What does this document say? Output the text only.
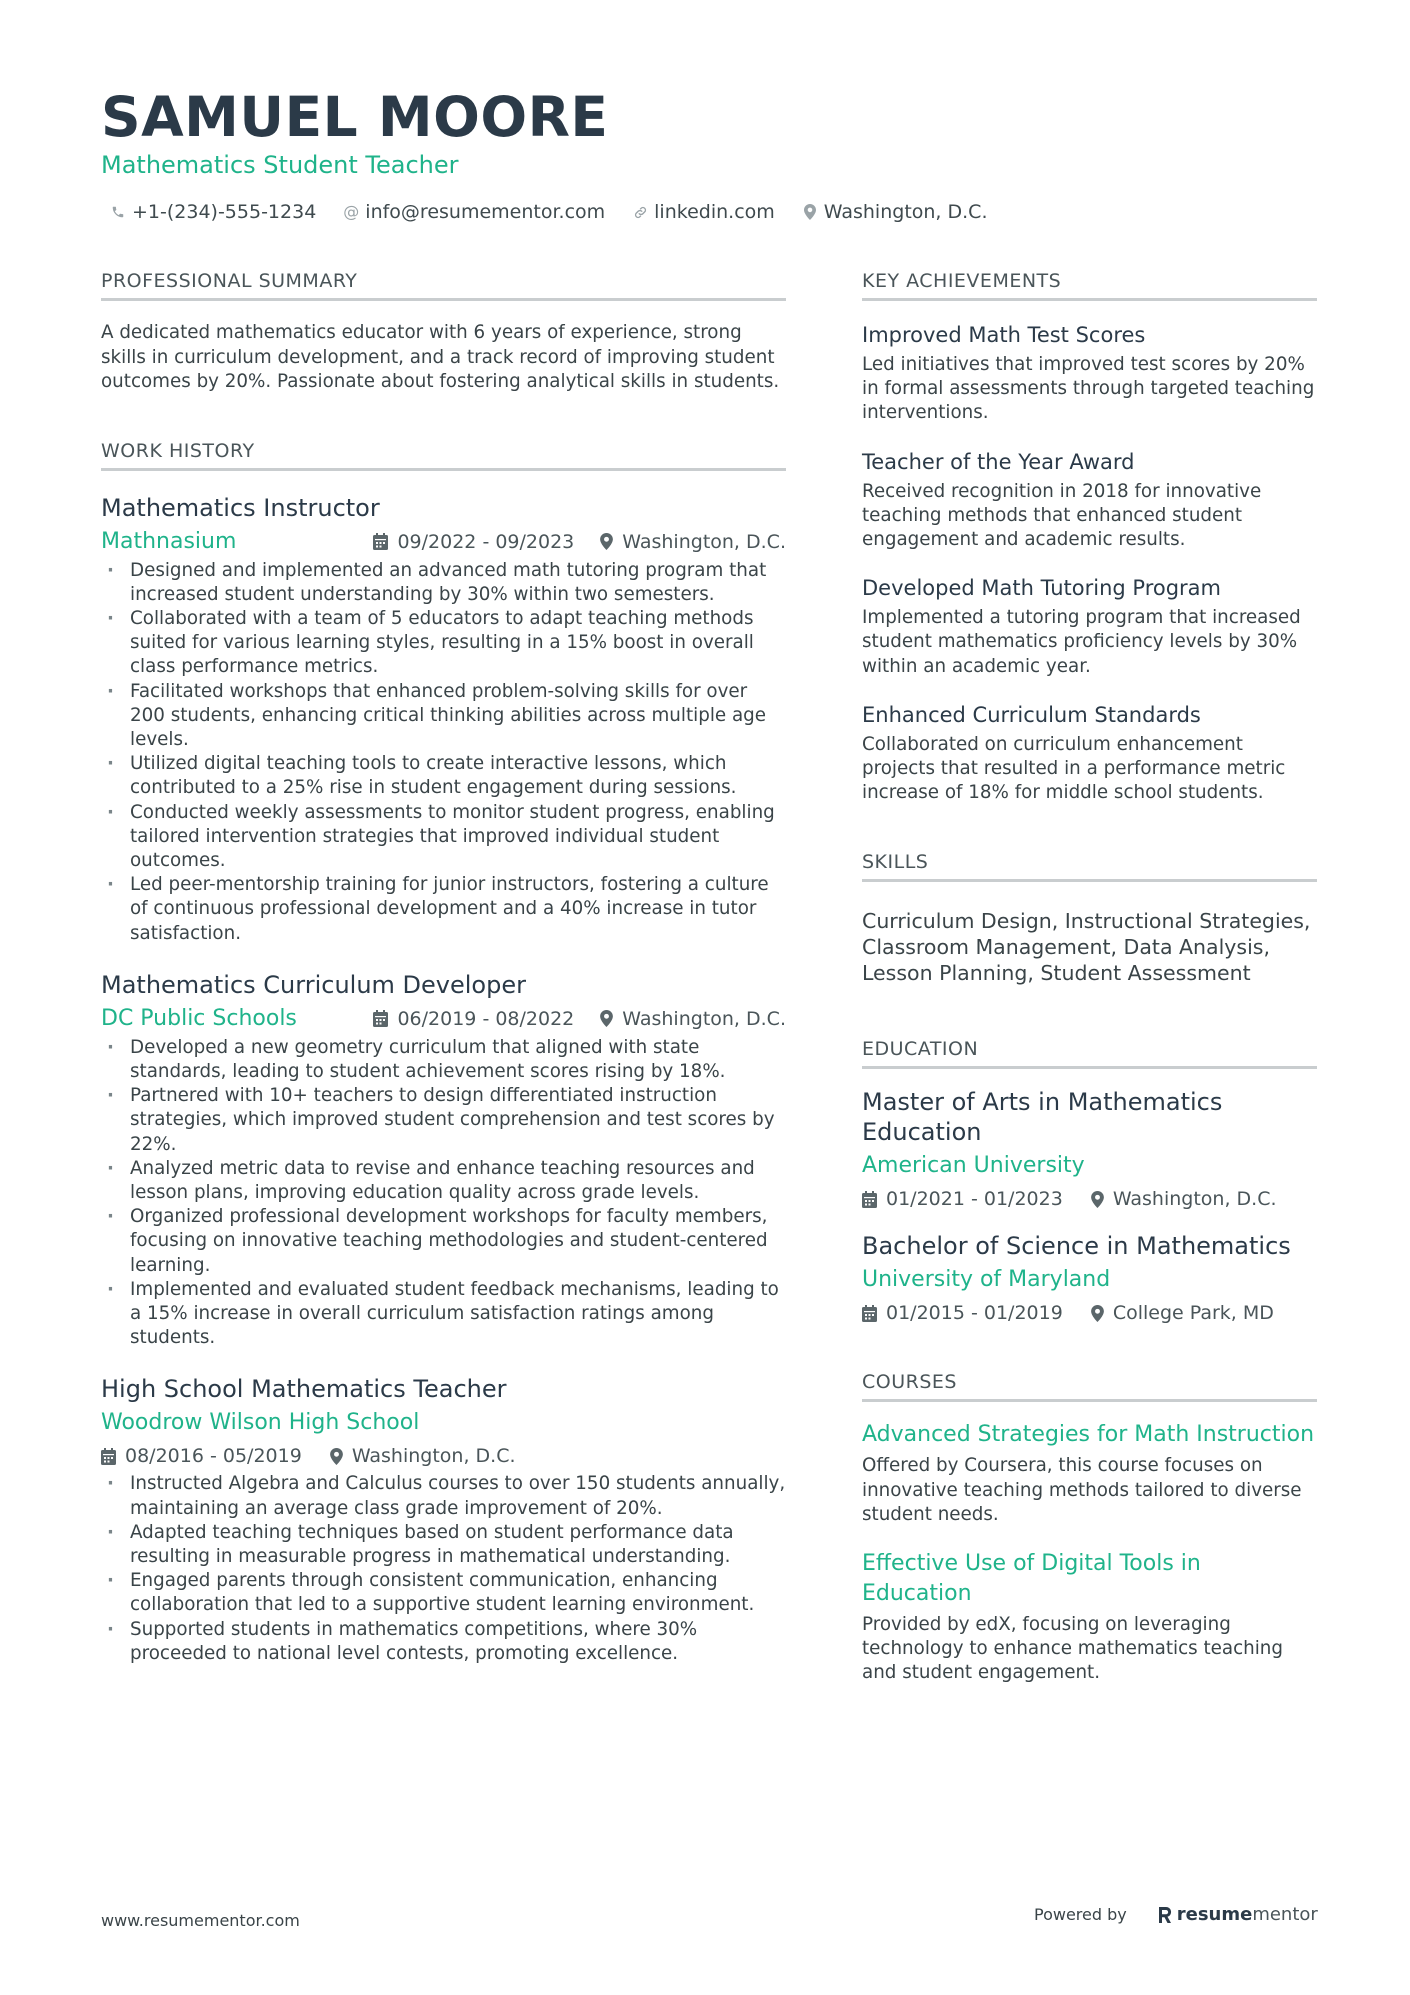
SAMUEL MOORE
Mathematics Student Teacher
+1-(234)-555-1234 @ info@resumementor.com	linkedin.com	Washington, D.C.
PROFESSIONAL SUMMARY

A dedicated mathematics educator with 6 years of experience, strong skills in curriculum development, and a track record of improving student outcomes by 20%. Passionate about fostering analytical skills in students.

WORK HISTORY
Mathematics Instructor
Mathnasium	09/2022 - 09/2023	Washington, D.C.
· Designed and implemented an advanced math tutoring program that increased student understanding by 30% within two semesters.
· Collaborated with a team of 5 educators to adapt teaching methods suited for various learning styles, resulting in a 15% boost in overall class performance metrics.
· Facilitated workshops that enhanced problem-solving skills for over 200 students, enhancing critical thinking abilities across multiple age levels.
· Utilized digital teaching tools to create interactive lessons, which contributed to a 25% rise in student engagement during sessions.
· Conducted weekly assessments to monitor student progress, enabling tailored intervention strategies that improved individual student outcomes.
· Led peer-mentorship training for junior instructors, fostering a culture of continuous professional development and a 40% increase in tutor satisfaction.
Mathematics Curriculum Developer
DC Public Schools	06/2019 - 08/2022	Washington, D.C.
· Developed a new geometry curriculum that aligned with state standards, leading to student achievement scores rising by 18%.
· Partnered with 10+ teachers to design differentiated instruction strategies, which improved student comprehension and test scores by 22%.
· Analyzed metric data to revise and enhance teaching resources and lesson plans, improving education quality across grade levels.
· Organized professional development workshops for faculty members, focusing on innovative teaching methodologies and student-centered learning.
· Implemented and evaluated student feedback mechanisms, leading to a 15% increase in overall curriculum satisfaction ratings among students.
High School Mathematics Teacher
Woodrow Wilson High School
08/2016 - 05/2019	Washington, D.C.
· Instructed Algebra and Calculus courses to over 150 students annually, maintaining an average class grade improvement of 20%.
· Adapted teaching techniques based on student performance data resulting in measurable progress in mathematical understanding.
· Engaged parents through consistent communication, enhancing collaboration that led to a supportive student learning environment.
· Supported students in mathematics competitions, where 30% proceeded to national level contests, promoting excellence.
KEY ACHIEVEMENTS
Improved Math Test Scores
Led initiatives that improved test scores by 20% in formal assessments through targeted teaching interventions.
Teacher of the Year Award
Received recognition in 2018 for innovative teaching methods that enhanced student engagement and academic results.
Developed Math Tutoring Program
Implemented a tutoring program that increased student mathematics proficiency levels by 30% within an academic year.
Enhanced Curriculum Standards
Collaborated on curriculum enhancement projects that resulted in a performance metric increase of 18% for middle school students.
SKILLS
Curriculum Design, Instructional Strategies, Classroom Management, Data Analysis, Lesson Planning, Student Assessment
EDUCATION
Master of Arts in Mathematics Education
American University
01/2021 - 01/2023	Washington, D.C.
Bachelor of Science in Mathematics
University of Maryland
01/2015 - 01/2019	College Park, MD
COURSES
Advanced Strategies for Math Instruction
Offered by Coursera, this course focuses on innovative teaching methods tailored to diverse student needs.
Effective Use of Digital Tools in Education
Provided by edX, focusing on leveraging technology to enhance mathematics teaching and student engagement.
www.resumementor.com	Powered by	resume mentor
